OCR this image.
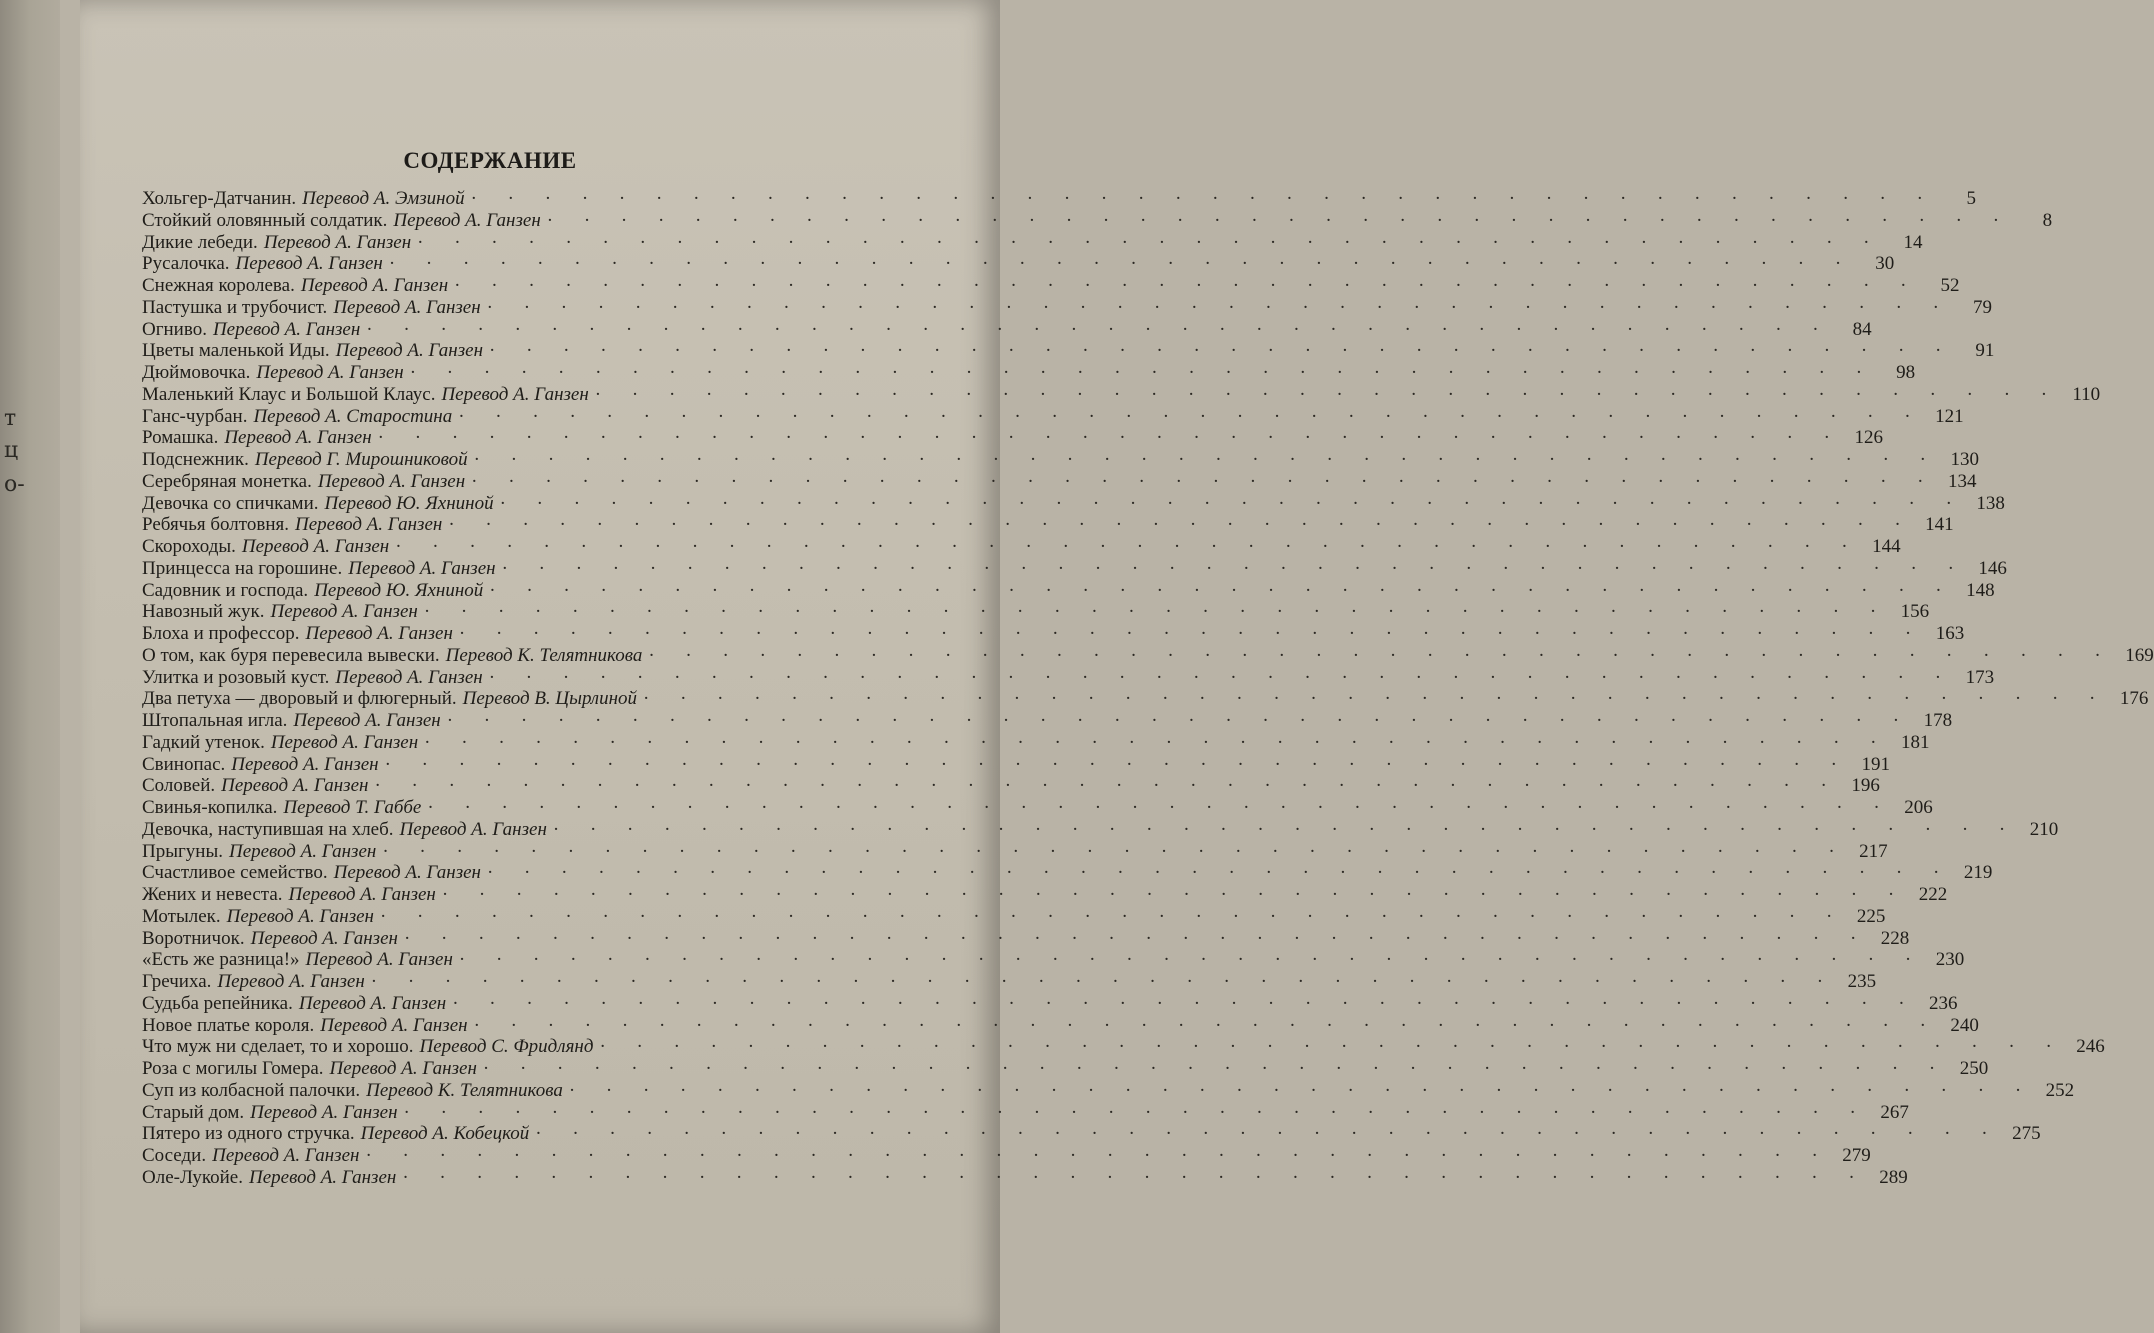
т
ц
о-
СОДЕРЖАНИЕ
Хольгер-Датчанин. Перевод А. Эмзиной · · · · · · · · · · · · · · · · · · · · · · · · · · · · · · · · · · · · · · · ·	5
Стойкий оловянный солдатик. Перевод А. Ганзен · · · · · · · · · · · · · · · · · · · · · · · · · · · · · · · · · · · · · · · ·	8
Дикие лебеди. Перевод А. Ганзен · · · · · · · · · · · · · · · · · · · · · · · · · · · · · · · · · · · · · · · ·	14
Русалочка. Перевод А. Ганзен · · · · · · · · · · · · · · · · · · · · · · · · · · · · · · · · · · · · · · · ·	30
Снежная королева. Перевод А. Ганзен · · · · · · · · · · · · · · · · · · · · · · · · · · · · · · · · · · · · · · · ·	52
Пастушка и трубочист. Перевод А. Ганзен · · · · · · · · · · · · · · · · · · · · · · · · · · · · · · · · · · · · · · · ·	79
Огниво. Перевод А. Ганзен · · · · · · · · · · · · · · · · · · · · · · · · · · · · · · · · · · · · · · · ·	84
Цветы маленькой Иды. Перевод А. Ганзен · · · · · · · · · · · · · · · · · · · · · · · · · · · · · · · · · · · · · · · ·	91
Дюймовочка. Перевод А. Ганзен · · · · · · · · · · · · · · · · · · · · · · · · · · · · · · · · · · · · · · · ·	98
Маленький Клаус и Большой Клаус. Перевод А. Ганзен · · · · · · · · · · · · · · · · · · · · · · · · · · · · · · · · · · · · · · · · 110
Ганс-чурбан. Перевод А. Старостина · · · · · · · · · · · · · · · · · · · · · · · · · · · · · · · · · · · · · · · · 121
Ромашка. Перевод А. Ганзен · · · · · · · · · · · · · · · · · · · · · · · · · · · · · · · · · · · · · · · · 126
Подснежник. Перевод Г. Мирошниковой · · · · · · · · · · · · · · · · · · · · · · · · · · · · · · · · · · · · · · · · 130
Серебряная монетка. Перевод А. Ганзен · · · · · · · · · · · · · · · · · · · · · · · · · · · · · · · · · · · · · · · · 134
Девочка со спичками. Перевод Ю. Яхниной · · · · · · · · · · · · · · · · · · · · · · · · · · · · · · · · · · · · · · · · 138
Ребячья болтовня. Перевод А. Ганзен · · · · · · · · · · · · · · · · · · · · · · · · · · · · · · · · · · · · · · · · 141
Скороходы. Перевод А. Ганзен · · · · · · · · · · · · · · · · · · · · · · · · · · · · · · · · · · · · · · · · 144
Принцесса на горошине. Перевод А. Ганзен · · · · · · · · · · · · · · · · · · · · · · · · · · · · · · · · · · · · · · · · 146
Садовник и господа. Перевод Ю. Яхниной · · · · · · · · · · · · · · · · · · · · · · · · · · · · · · · · · · · · · · · · 148
Навозный жук. Перевод А. Ганзен · · · · · · · · · · · · · · · · · · · · · · · · · · · · · · · · · · · · · · · · 156
Блоха и профессор. Перевод А. Ганзен · · · · · · · · · · · · · · · · · · · · · · · · · · · · · · · · · · · · · · · · 163
О том, как буря перевесила вывески. Перевод К. Телятникова · · · · · · · · · · · · · · · · · · · · · · · · · · · · · · · · · · · · · · · · 169
Улитка и розовый куст. Перевод А. Ганзен · · · · · · · · · · · · · · · · · · · · · · · · · · · · · · · · · · · · · · · · 173
Два петуха — дворовый и флюгерный. Перевод В. Цырлиной · · · · · · · · · · · · · · · · · · · · · · · · · · · · · · · · · · · · · · · · 176
Штопальная игла. Перевод А. Ганзен · · · · · · · · · · · · · · · · · · · · · · · · · · · · · · · · · · · · · · · · 178
Гадкий утенок. Перевод А. Ганзен · · · · · · · · · · · · · · · · · · · · · · · · · · · · · · · · · · · · · · · · 181
Свинопас. Перевод А. Ганзен · · · · · · · · · · · · · · · · · · · · · · · · · · · · · · · · · · · · · · · · 191
Соловей. Перевод А. Ганзен · · · · · · · · · · · · · · · · · · · · · · · · · · · · · · · · · · · · · · · · 196
Свинья-копилка. Перевод Т. Габбе · · · · · · · · · · · · · · · · · · · · · · · · · · · · · · · · · · · · · · · · 206
Девочка, наступившая на хлеб. Перевод А. Ганзен · · · · · · · · · · · · · · · · · · · · · · · · · · · · · · · · · · · · · · · · 210
Прыгуны. Перевод А. Ганзен · · · · · · · · · · · · · · · · · · · · · · · · · · · · · · · · · · · · · · · · 217
Счастливое семейство. Перевод А. Ганзен · · · · · · · · · · · · · · · · · · · · · · · · · · · · · · · · · · · · · · · · 219
Жених и невеста. Перевод А. Ганзен · · · · · · · · · · · · · · · · · · · · · · · · · · · · · · · · · · · · · · · · 222
Мотылек. Перевод А. Ганзен · · · · · · · · · · · · · · · · · · · · · · · · · · · · · · · · · · · · · · · · 225
Воротничок. Перевод А. Ганзен · · · · · · · · · · · · · · · · · · · · · · · · · · · · · · · · · · · · · · · · 228
«Есть же разница!» Перевод А. Ганзен · · · · · · · · · · · · · · · · · · · · · · · · · · · · · · · · · · · · · · · · 230
Гречиха. Перевод А. Ганзен · · · · · · · · · · · · · · · · · · · · · · · · · · · · · · · · · · · · · · · · 235
Судьба репейника. Перевод А. Ганзен · · · · · · · · · · · · · · · · · · · · · · · · · · · · · · · · · · · · · · · · 236
Новое платье короля. Перевод А. Ганзен · · · · · · · · · · · · · · · · · · · · · · · · · · · · · · · · · · · · · · · · 240
Что муж ни сделает, то и хорошо. Перевод С. Фридлянд · · · · · · · · · · · · · · · · · · · · · · · · · · · · · · · · · · · · · · · · 246
Роза с могилы Гомера. Перевод А. Ганзен · · · · · · · · · · · · · · · · · · · · · · · · · · · · · · · · · · · · · · · · 250
Суп из колбасной палочки. Перевод К. Телятникова · · · · · · · · · · · · · · · · · · · · · · · · · · · · · · · · · · · · · · · · 252
Старый дом. Перевод А. Ганзен · · · · · · · · · · · · · · · · · · · · · · · · · · · · · · · · · · · · · · · · 267
Пятеро из одного стручка. Перевод А. Кобецкой · · · · · · · · · · · · · · · · · · · · · · · · · · · · · · · · · · · · · · · · 275
Соседи. Перевод А. Ганзен · · · · · · · · · · · · · · · · · · · · · · · · · · · · · · · · · · · · · · · · 279
Оле-Лукойе. Перевод А. Ганзен · · · · · · · · · · · · · · · · · · · · · · · · · · · · · · · · · · · · · · · · 289
